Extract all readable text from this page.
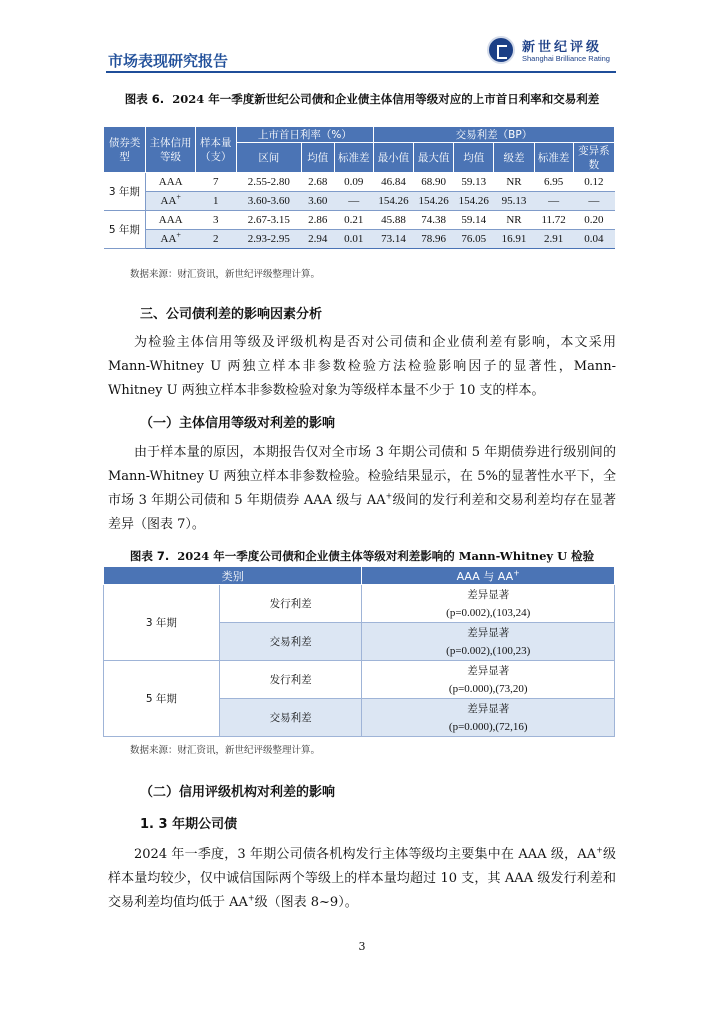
市场表现研究报告
新世纪评级
Shanghai Brilliance Rating
图表 6. 2024 年一季度新世纪公司债和企业债主体信用等级对应的上市首日利率和交易利差
债券类型	主体信用等级	样本量（支）	上市首日利率（%）			交易利差（BP）					
			区间	均值	标准差	最小值	最大值	均值	级差	标准差	变异系数
3 年期	AAA	7	2.55-2.80	2.68	0.09	46.84	68.90	59.13	NR	6.95	0.12
	AA+	1	3.60-3.60	3.60	—	154.26	154.26	154.26	95.13	—	—
5 年期	AAA	3	2.67-3.15	2.86	0.21	45.88	74.38	59.14	NR	11.72	0.20
	AA+	2	2.93-2.95	2.94	0.01	73.14	78.96	76.05	16.91	2.91	0.04
数据来源：财汇资讯，新世纪评级整理计算。
三、公司债利差的影响因素分析
为检验主体信用等级及评级机构是否对公司债和企业债利差有影响，本文采用 Mann-Whitney U 两独立样本非参数检验方法检验影响因子的显著性，Mann-Whitney U 两独立样本非参数检验对象为等级样本量不少于 10 支的样本。
（一）主体信用等级对利差的影响
由于样本量的原因，本期报告仅对全市场 3 年期公司债和 5 年期债券进行级别间的 Mann-Whitney U 两独立样本非参数检验。检验结果显示，在 5%的显著性水平下，全市场 3 年期公司债和 5 年期债券 AAA 级与 AA+级间的发行利差和交易利差均存在显著差异（图表 7）。
图表 7. 2024 年一季度公司债和企业债主体等级对利差影响的 Mann-Whitney U 检验
类别		AAA 与 AA+
3 年期	发行利差	差异显著
(p=0.002),(103,24)

	交易利差	差异显著
(p=0.002),(100,23)

5 年期	发行利差	差异显著
(p=0.000),(73,20)

	交易利差	差异显著
(p=0.000),(72,16)
数据来源：财汇资讯，新世纪评级整理计算。
（二）信用评级机构对利差的影响
1. 3 年期公司债
2024 年一季度，3 年期公司债各机构发行主体等级均主要集中在 AAA 级，AA+级样本量均较少，仅中诚信国际两个等级上的样本量均超过 10 支，其 AAA 级发行利差和交易利差均值均低于 AA+级（图表 8~9）。
3
